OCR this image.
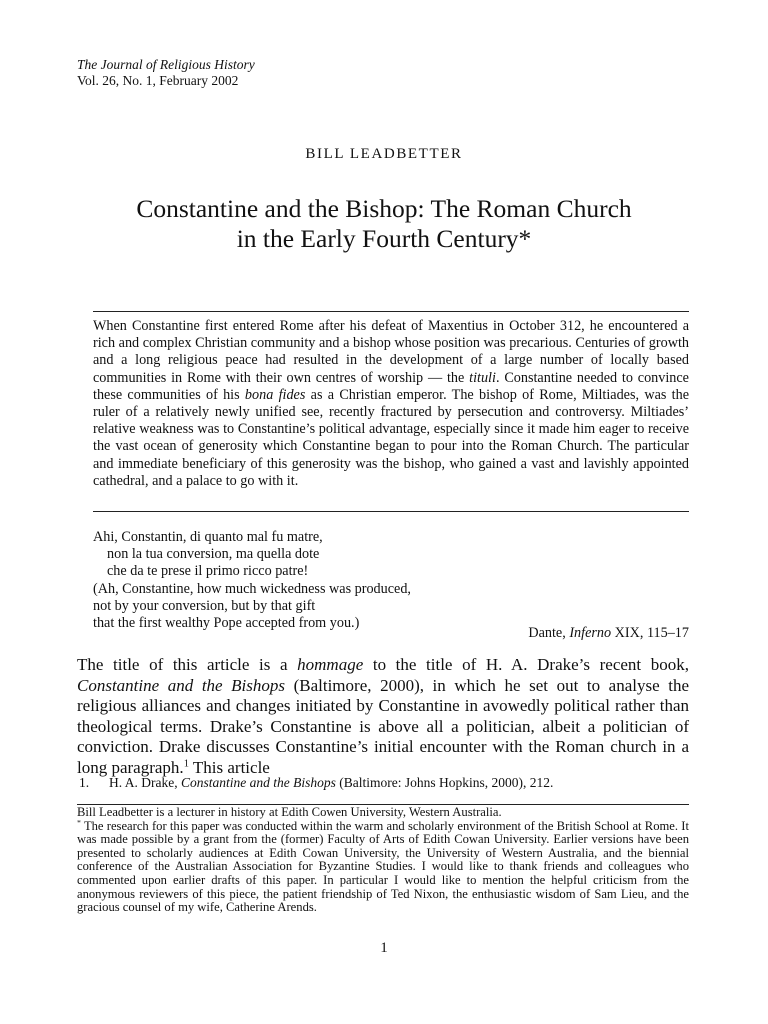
The Journal of Religious History
Vol. 26, No. 1, February 2002
BILL LEADBETTER
Constantine and the Bishop: The Roman Church
in the Early Fourth Century*
When Constantine first entered Rome after his defeat of Maxentius in October 312, he encountered a rich and complex Christian community and a bishop whose position was precarious. Centuries of growth and a long religious peace had resulted in the development of a large number of locally based communities in Rome with their own centres of worship — the tituli. Constantine needed to convince these communities of his bona fides as a Christian emperor. The bishop of Rome, Miltiades, was the ruler of a relatively newly unified see, recently fractured by persecution and controversy. Miltiades’ relative weakness was to Constantine’s political advantage, especially since it made him eager to receive the vast ocean of generosity which Constantine began to pour into the Roman Church. The particular and immediate beneficiary of this generosity was the bishop, who gained a vast and lavishly appointed cathedral, and a palace to go with it.
Ahi, Constantin, di quanto mal fu matre,
non la tua conversion, ma quella dote
che da te prese il primo ricco patre!
(Ah, Constantine, how much wickedness was produced,
not by your conversion, but by that gift
that the first wealthy Pope accepted from you.)
Dante, Inferno XIX, 115–17
The title of this article is a hommage to the title of H. A. Drake’s recent book, Constantine and the Bishops (Baltimore, 2000), in which he set out to analyse the religious alliances and changes initiated by Constantine in avowedly political rather than theological terms. Drake’s Constantine is above all a politician, albeit a politician of conviction. Drake discusses Constantine’s initial encounter with the Roman church in a long paragraph.$^1$ This article
1. H. A. Drake, Constantine and the Bishops (Baltimore: Johns Hopkins, 2000), 212.
Bill Leadbetter is a lecturer in history at Edith Cowen University, Western Australia.
* The research for this paper was conducted within the warm and scholarly environment of the British School at Rome. It was made possible by a grant from the (former) Faculty of Arts of Edith Cowan University. Earlier versions have been presented to scholarly audiences at Edith Cowan University, the University of Western Australia, and the biennial conference of the Australian Association for Byzantine Studies. I would like to thank friends and colleagues who commented upon earlier drafts of this paper. In particular I would like to mention the helpful criticism from the anonymous reviewers of this piece, the patient friendship of Ted Nixon, the enthusiastic wisdom of Sam Lieu, and the gracious counsel of my wife, Catherine Arends.
1
